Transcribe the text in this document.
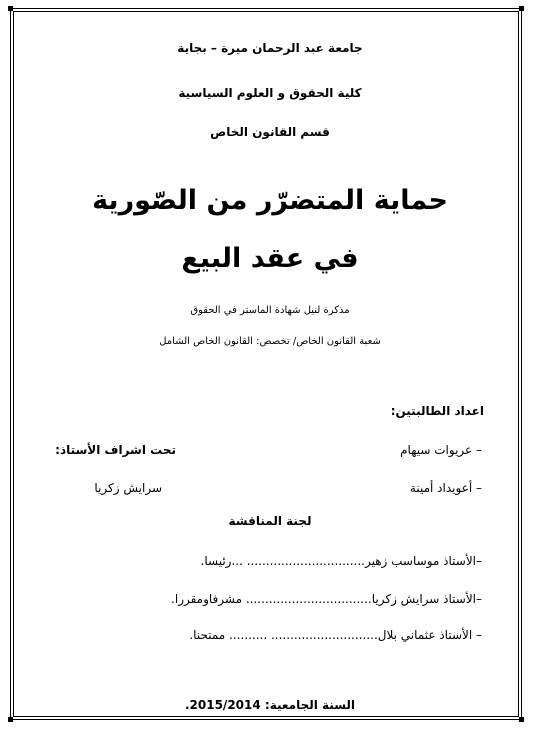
جامعة عبد الرحمان ميرة – بجاية
كلية الحقوق و العلوم السياسية
قسم القانون الخاص
حماية المتضرّر من الصّورية
في عقد البيع
مذكرة لنيل شهادة الماستر في الحقوق
شعبة القانون الخاص/ تخصص: القانون الخاص الشامل
اعداد الطالبتين:
– عريوات سيهام
– أعويداد أمينة
تحت اشراف الأستاذ:
سرايش زكريا
لجنة المناقشة
–الأستاذ موساسب زهير............................... ...رئيسا.
–الأستاذ سرايش زكريا................................. مشرفاومقررا.
– الأستاذ عثماني بلال............................ .......... ممتحنا.
السنة الجامعية: 2015/2014.
